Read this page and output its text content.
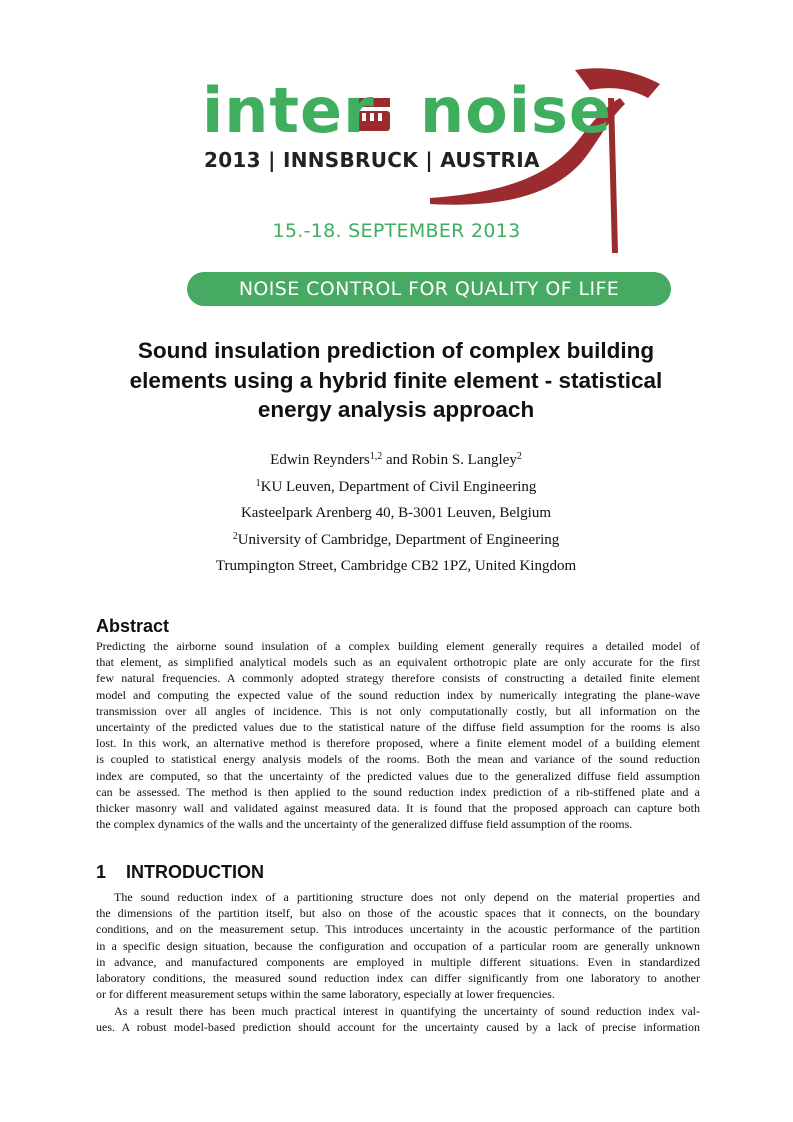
inter noise
2013 | INNSBRUCK | AUSTRIA
15.-18. SEPTEMBER 2013
NOISE CONTROL FOR QUALITY OF LIFE
Sound insulation prediction of complex building
elements using a hybrid finite element - statistical
energy analysis approach
Edwin Reynders$^{1,2}$ and Robin S. Langley$^2$
$^1$KU Leuven, Department of Civil Engineering
Kasteelpark Arenberg 40, B-3001 Leuven, Belgium
$^2$University of Cambridge, Department of Engineering
Trumpington Street, Cambridge CB2 1PZ, United Kingdom
Abstract

Predicting the airborne sound insulation of a complex building element generally requires a detailed model of
that element, as simplified analytical models such as an equivalent orthotropic plate are only accurate for the first
few natural frequencies. A commonly adopted strategy therefore consists of constructing a detailed finite element
model and computing the expected value of the sound reduction index by numerically integrating the plane-wave
transmission over all angles of incidence. This is not only computationally costly, but all information on the
uncertainty of the predicted values due to the statistical nature of the diffuse field assumption for the rooms is also
lost. In this work, an alternative method is therefore proposed, where a finite element model of a building element
is coupled to statistical energy analysis models of the rooms. Both the mean and variance of the sound reduction
index are computed, so that the uncertainty of the predicted values due to the generalized diffuse field assumption
can be assessed. The method is then applied to the sound reduction index prediction of a rib-stiffened plate and a
thicker masonry wall and validated against measured data. It is found that the proposed approach can capture both
the complex dynamics of the walls and the uncertainty of the generalized diffuse field assumption of the rooms.

1 INTRODUCTION

The sound reduction index of a partitioning structure does not only depend on the material properties and
the dimensions of the partition itself, but also on those of the acoustic spaces that it connects, on the boundary
conditions, and on the measurement setup. This introduces uncertainty in the acoustic performance of the partition
in a specific design situation, because the configuration and occupation of a particular room are generally unknown
in advance, and manufactured components are employed in multiple different situations. Even in standardized
laboratory conditions, the measured sound reduction index can differ significantly from one laboratory to another
or for different measurement setups within the same laboratory, especially at lower frequencies.

As a result there has been much practical interest in quantifying the uncertainty of sound reduction index val-
ues. A robust model-based prediction should account for the uncertainty caused by a lack of precise information
